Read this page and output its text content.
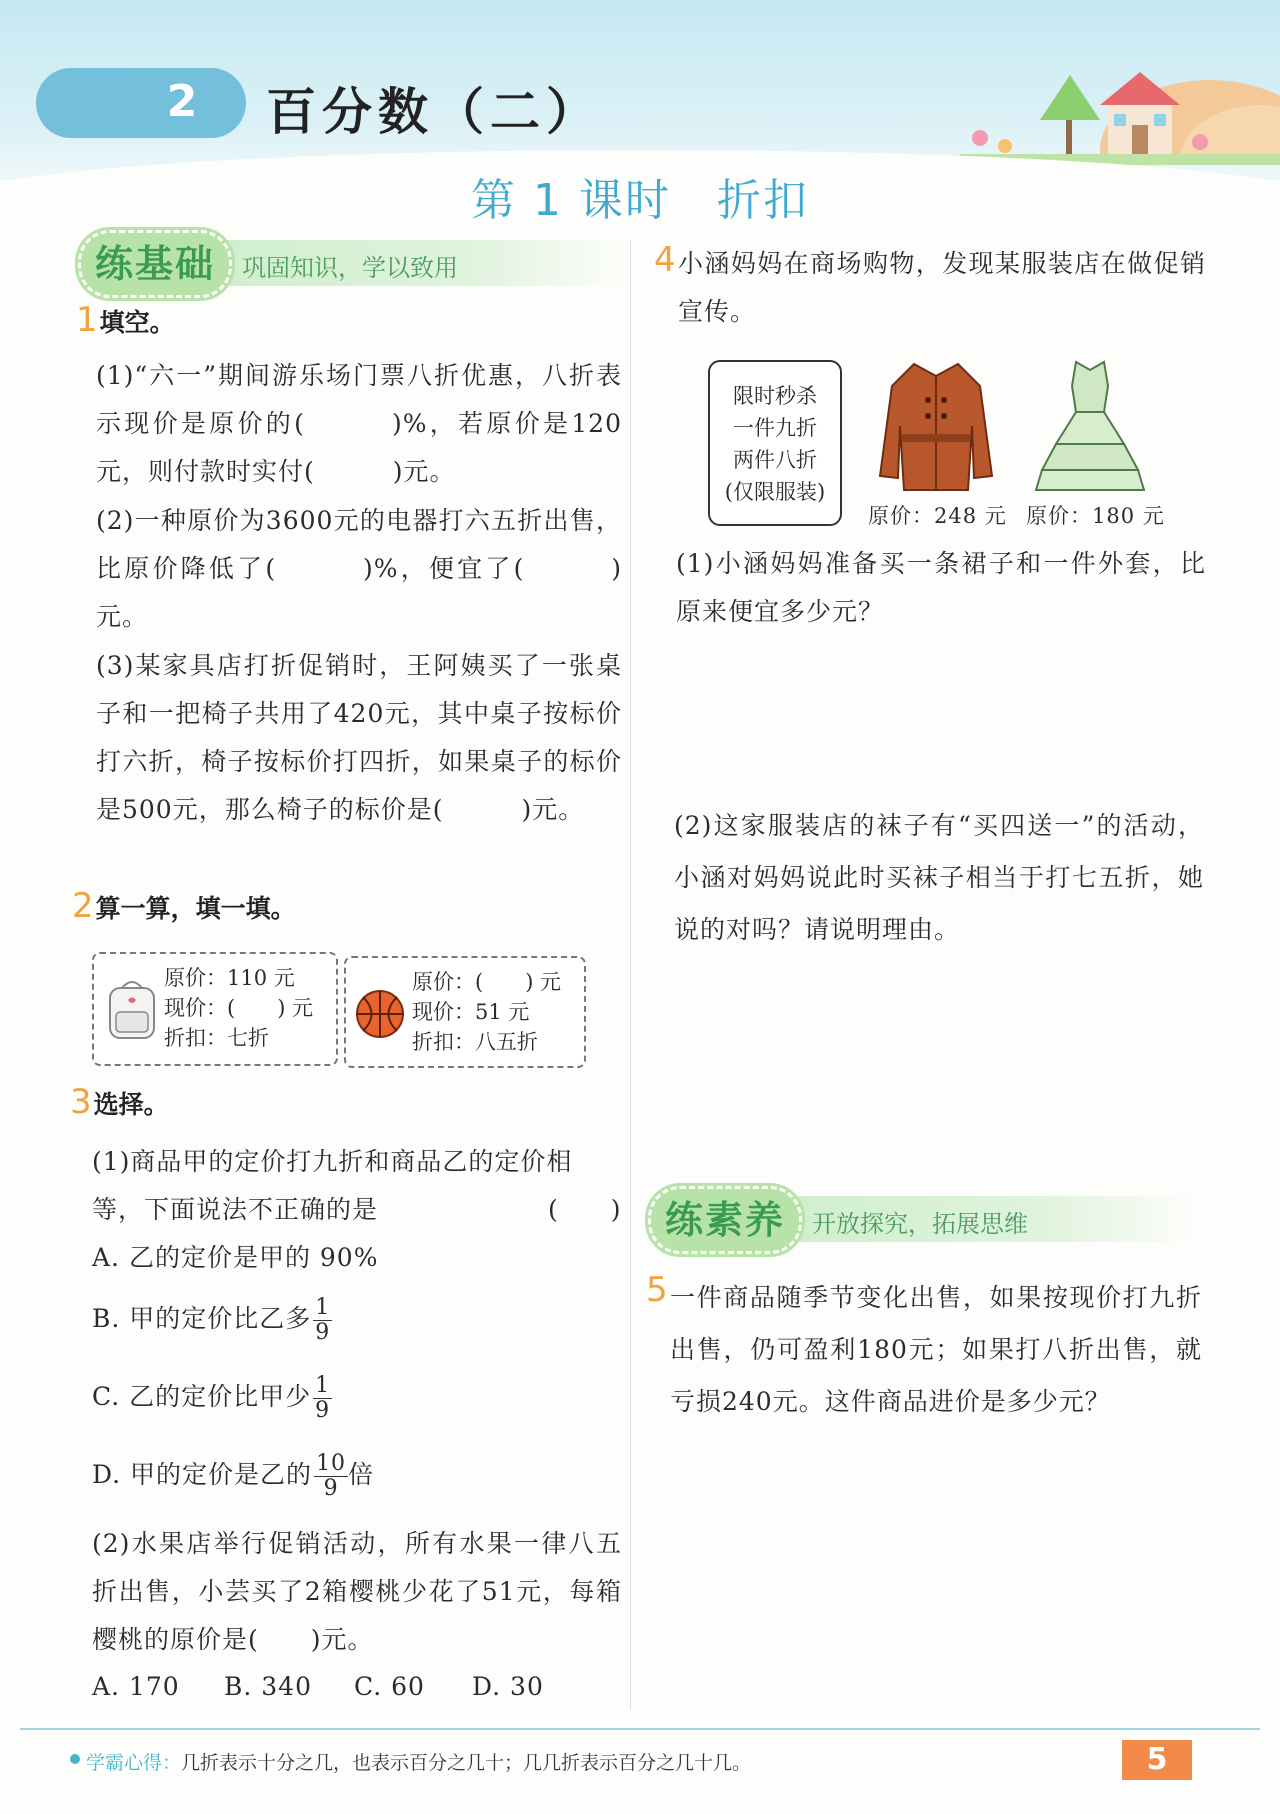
2	百分数（二）
第 1 课时 折扣
练基础	巩固知识，学以致用
1填空。
(1)“六一”期间游乐场门票八折优惠，八折表示现价是原价的(　　　)%，若原价是120元，则付款时实付(　　　)元。
(2)一种原价为3600元的电器打六五折出售，比原价降低了(　　　)%，便宜了(　　　)元。
(3)某家具店打折促销时，王阿姨买了一张桌子和一把椅子共用了420元，其中桌子按标价打六折，椅子按标价打四折，如果桌子的标价是500元，那么椅子的标价是(　　　)元。
2算一算，填一填。
原价：110 元
现价：(　　) 元
折扣：七折
原价：(　　) 元
现价：51 元
折扣：八五折
3选择。
(1)商品甲的定价打九折和商品乙的定价相
等，下面说法不正确的是	(　　)
A. 乙的定价是甲的 90%
B. 甲的定价比乙多 $\frac{1}{9}$
C. 乙的定价比甲少 $\frac{1}{9}$
D. 甲的定价是乙的 $\frac{10}{9}$ 倍
(2)水果店举行促销活动，所有水果一律八五折出售，小芸买了2箱樱桃少花了51元，每箱樱桃的原价是(　　)元。
A. 170 B. 340 C. 60 D. 30
4 小涵妈妈在商场购物，发现某服装店在做促销宣传。
限时秒杀
一件九折
两件八折
(仅限服装)
原价：248 元 原价：180 元
(1)小涵妈妈准备买一条裙子和一件外套，比原来便宜多少元？
(2)这家服装店的袜子有“买四送一”的活动，小涵对妈妈说此时买袜子相当于打七五折，她说的对吗？请说明理由。
练素养	开放探究，拓展思维
5 一件商品随季节变化出售，如果按现价打九折出售，仍可盈利180元；如果打八折出售，就亏损240元。这件商品进价是多少元？
学霸心得：几折表示十分之几，也表示百分之几十；几几折表示百分之几十几。	5
